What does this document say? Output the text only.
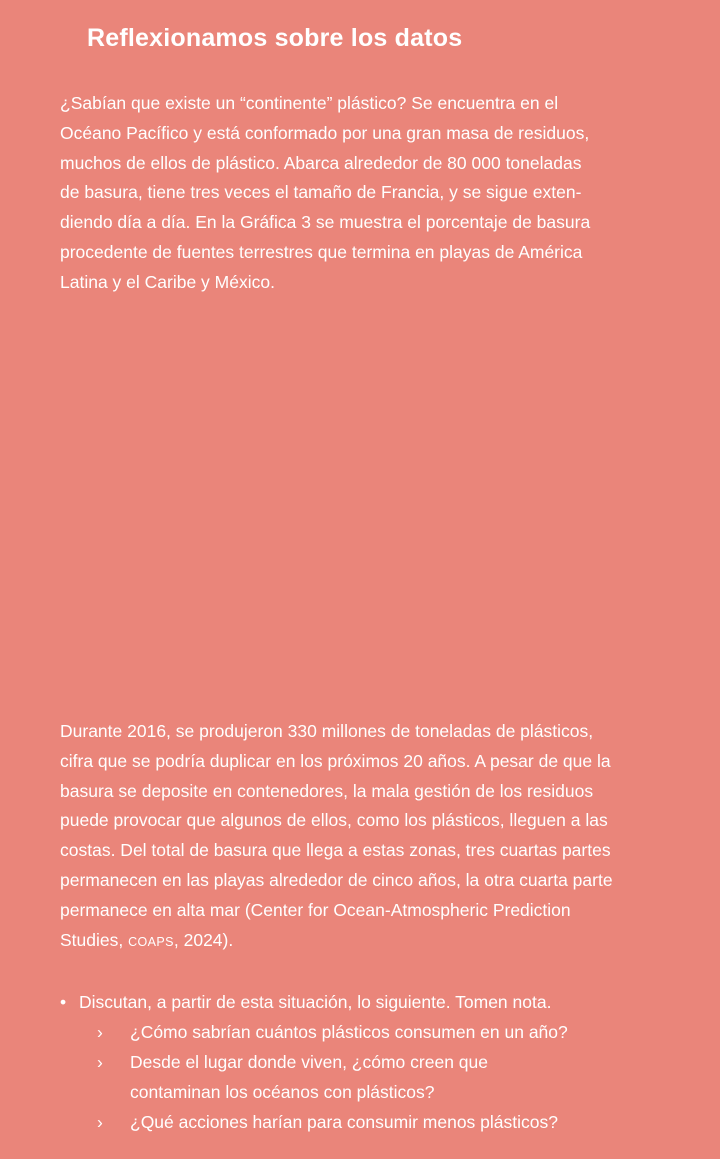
Reflexionamos sobre los datos
¿Sabían que existe un “continente” plástico? Se encuentra en el
Océano Pacífico y está conformado por una gran masa de residuos,
muchos de ellos de plástico. Abarca alrededor de 80 000 toneladas
de basura, tiene tres veces el tamaño de Francia, y se sigue exten-
diendo día a día. En la Gráfica 3 se muestra el porcentaje de basura
procedente de fuentes terrestres que termina en playas de América
Latina y el Caribe y México.
Durante 2016, se produjeron 330 millones de toneladas de plásticos,
cifra que se podría duplicar en los próximos 20 años. A pesar de que la
basura se deposite en contenedores, la mala gestión de los residuos
puede provocar que algunos de ellos, como los plásticos, lleguen a las
costas. Del total de basura que llega a estas zonas, tres cuartas partes
permanecen en las playas alrededor de cinco años, la otra cuarta parte
permanece en alta mar (Center for Ocean-Atmospheric Prediction
Studies, COAPS, 2024).
• Discutan, a partir de esta situación, lo siguiente. Tomen nota.
› ¿Cómo sabrían cuántos plásticos consumen en un año?
› Desde el lugar donde viven, ¿cómo creen que
contaminan los océanos con plásticos?
› ¿Qué acciones harían para consumir menos plásticos?
